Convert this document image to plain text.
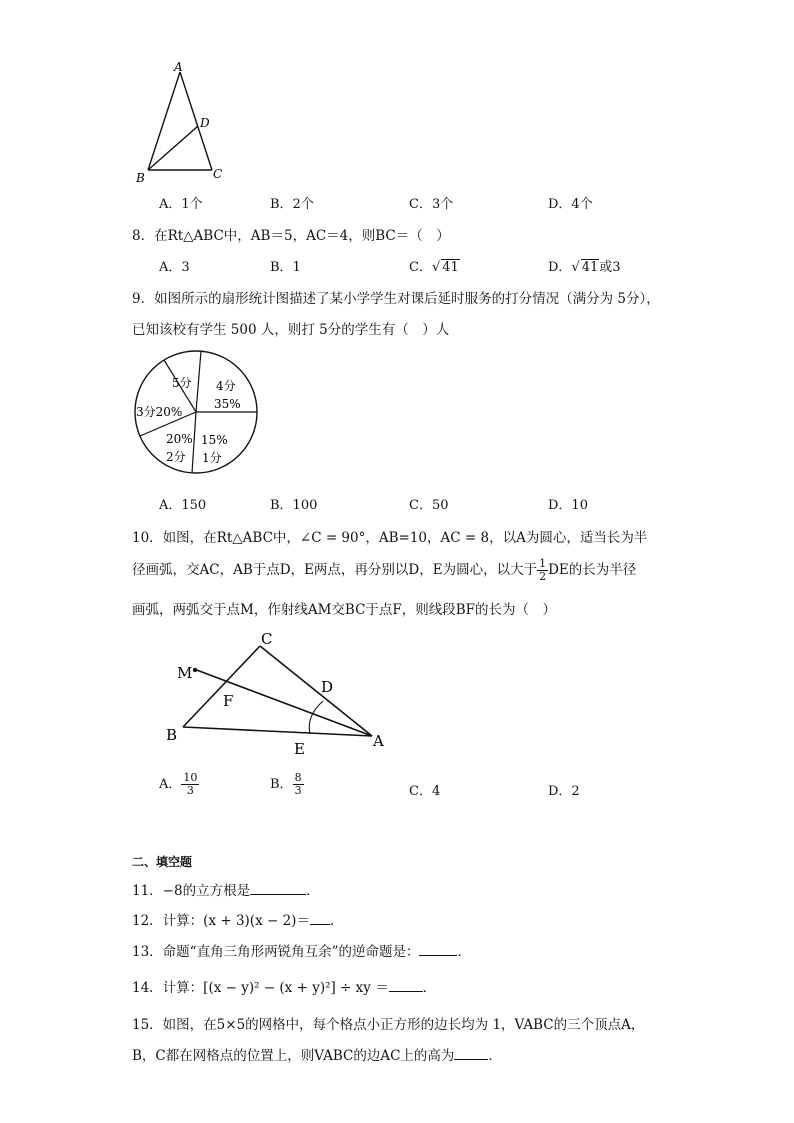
A
D
B	C
A．1个	B．2个	C．3个	D．4个
8．在Rt△ABC中，AB＝5，AC＝4，则BC＝（　）
A．3	B．1	C．√ 41	D．√ 41或3
9．如图所示的扇形统计图描述了某小学学生对课后延时服务的打分情况（满分为 5分），
已知该校有学生 500 人，则打 5分的学生有（　）人
5分 4分
35%
3分20%
20%
2分
15%
1分
A．150	B．100	C．50	D．10
10．如图，在Rt△ABC中，∠C = 90°，AB=10，AC = 8，以A为圆心，适当长为半
径画弧，交AC，AB于点D，E两点，再分别以D，E为圆心，以大于 $\frac{1}{2}$ DE的长为半径
画弧，两弧交于点M，作射线AM交BC于点F，则线段BF的长为（　）
C
M
D
F
B
E	A
A． $\frac{10}{3}$	B． $\frac{8}{3}$	C．4	D．2
二、填空题
11．−8的立方根是	．
12．计算：(x + 3)(x − 2)＝ ．
13．命题“直角三角形两锐角互余”的逆命题是：	．
14．计算：[(x − y)² − (x + y)²] ÷ xy ＝	．
15．如图，在5×5的网格中，每个格点小正方形的边长均为 1，VABC的三个顶点A，
B，C都在网格点的位置上，则VABC的边AC上的高为	．
